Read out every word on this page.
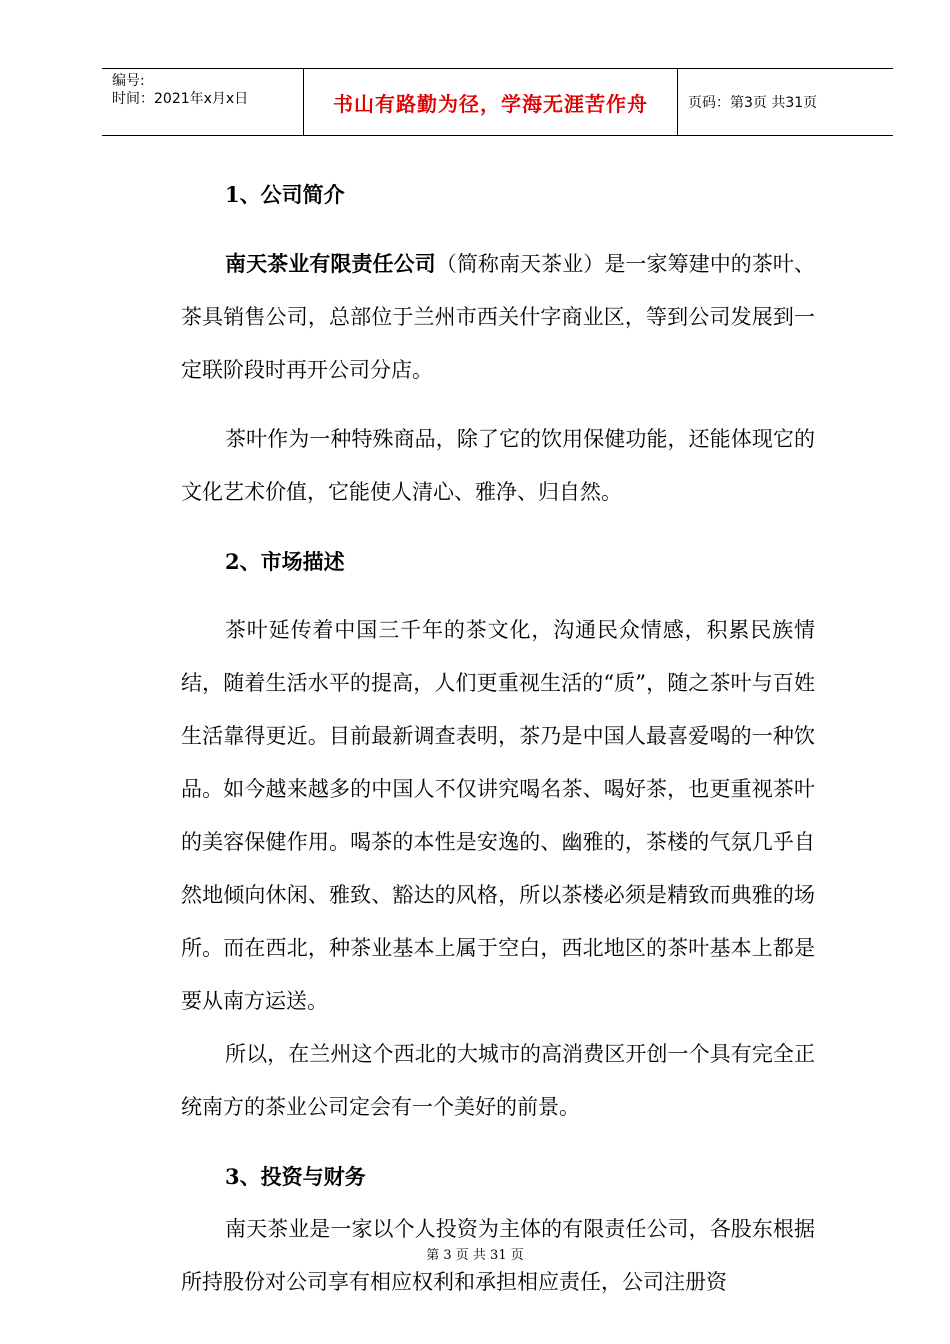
编号:
时间：2021年x月x日	书山有路勤为径，学海无涯苦作舟	页码：第3页 共31页

1、公司简介

南天茶业有限责任公司（简称南天茶业）是一家筹建中的茶叶、茶具销售公司，总部位于兰州市西关什字商业区，等到公司发展到一定联阶段时再开公司分店。

茶叶作为一种特殊商品，除了它的饮用保健功能，还能体现它的文化艺术价值，它能使人清心、雅净、归自然。

2、市场描述

茶叶延传着中国三千年的茶文化，沟通民众情感，积累民族情结，随着生活水平的提高，人们更重视生活的“质”，随之茶叶与百姓生活靠得更近。目前最新调查表明，茶乃是中国人最喜爱喝的一种饮品。如今越来越多的中国人不仅讲究喝名茶、喝好茶，也更重视茶叶的美容保健作用。喝茶的本性是安逸的、幽雅的，茶楼的气氛几乎自然地倾向休闲、雅致、豁达的风格，所以茶楼必须是精致而典雅的场所。而在西北，种茶业基本上属于空白，西北地区的茶叶基本上都是要从南方运送。

所以，在兰州这个西北的大城市的高消费区开创一个具有完全正统南方的茶业公司定会有一个美好的前景。

3、投资与财务

南天茶业是一家以个人投资为主体的有限责任公司，各股东根据所持股份对公司享有相应权利和承担相应责任，公司注册资

第 3 页 共 31 页
